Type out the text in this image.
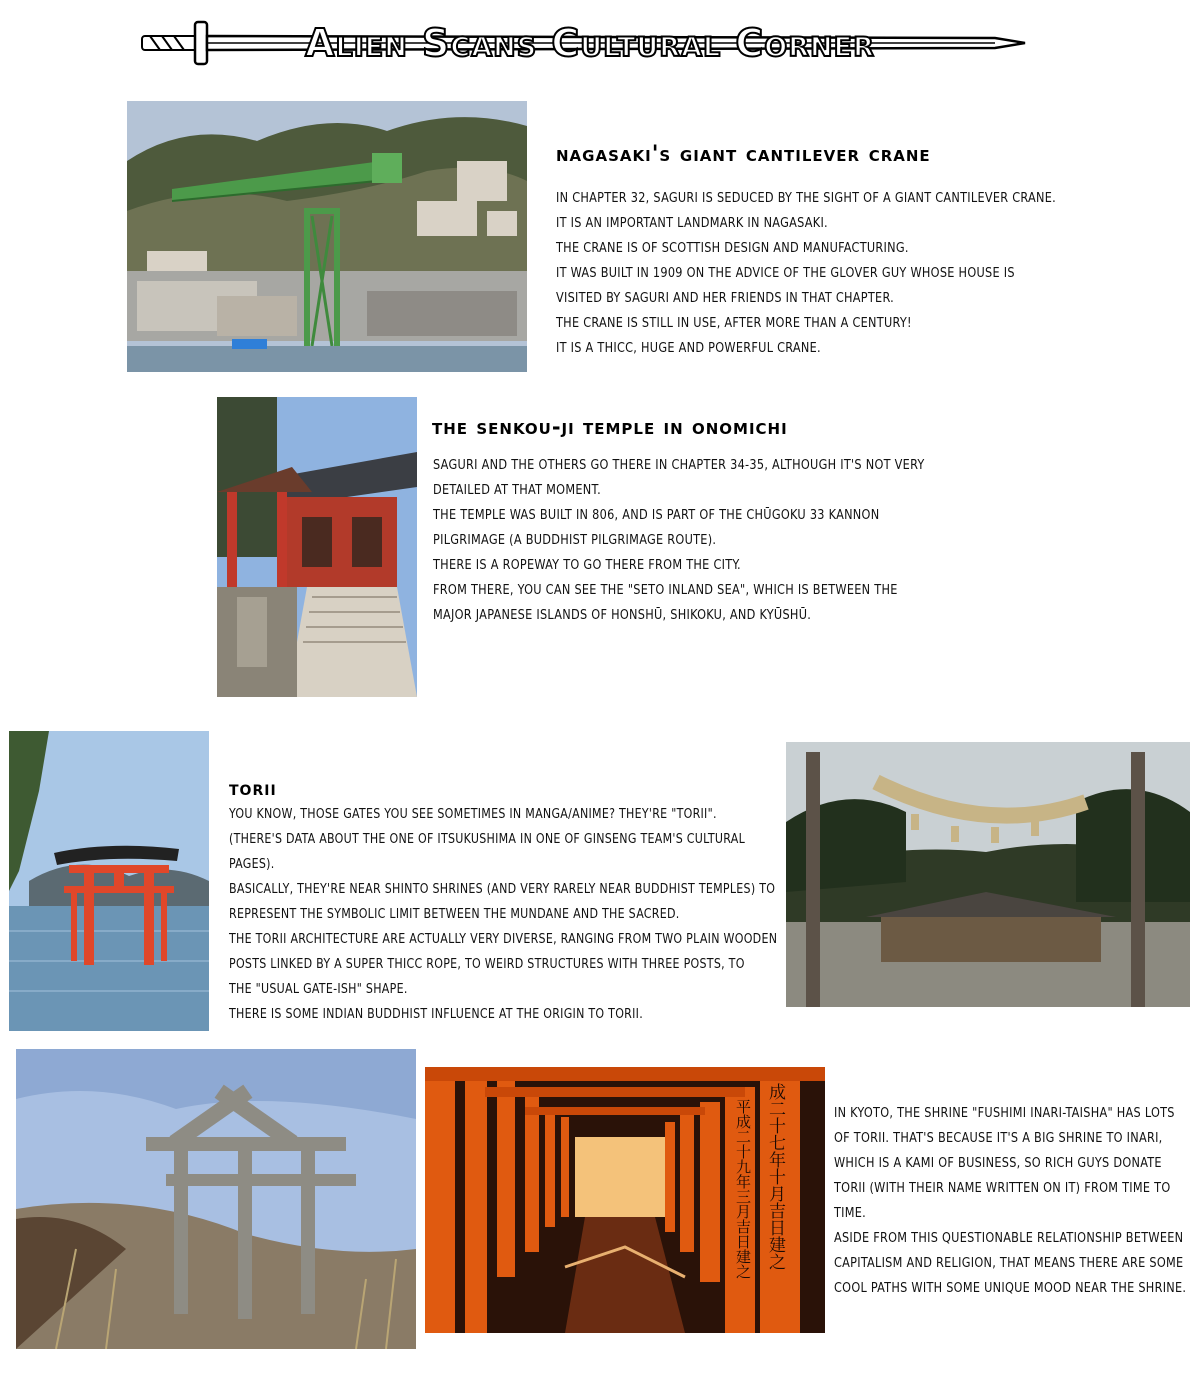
Alien Scans Cultural Corner
nagasaki's giant cantilever crane
IN CHAPTER 32, SAGURI IS SEDUCED BY THE SIGHT OF A GIANT CANTILEVER CRANE.
IT IS AN IMPORTANT LANDMARK IN NAGASAKI.
THE CRANE IS OF SCOTTISH DESIGN AND MANUFACTURING.
IT WAS BUILT IN 1909 ON THE ADVICE OF THE GLOVER GUY WHOSE HOUSE IS
VISITED BY SAGURI AND HER FRIENDS IN THAT CHAPTER.
THE CRANE IS STILL IN USE, AFTER MORE THAN A CENTURY!
IT IS A THICC, HUGE AND POWERFUL CRANE.
the senkou-ji temple in onomichi
SAGURI AND THE OTHERS GO THERE IN CHAPTER 34-35, ALTHOUGH IT'S NOT VERY
DETAILED AT THAT MOMENT.
THE TEMPLE WAS BUILT IN 806, AND IS PART OF THE CHŪGOKU 33 KANNON
PILGRIMAGE (A BUDDHIST PILGRIMAGE ROUTE).
THERE IS A ROPEWAY TO GO THERE FROM THE CITY.
FROM THERE, YOU CAN SEE THE "SETO INLAND SEA", WHICH IS BETWEEN THE
MAJOR JAPANESE ISLANDS OF HONSHŪ, SHIKOKU, AND KYŪSHŪ.
torii
YOU KNOW, THOSE GATES YOU SEE SOMETIMES IN MANGA/ANIME? THEY'RE "TORII".
(THERE'S DATA ABOUT THE ONE OF ITSUKUSHIMA IN ONE OF GINSENG TEAM'S CULTURAL
PAGES).
BASICALLY, THEY'RE NEAR SHINTO SHRINES (AND VERY RARELY NEAR BUDDHIST TEMPLES) TO
REPRESENT THE SYMBOLIC LIMIT BETWEEN THE MUNDANE AND THE SACRED.
THE TORII ARCHITECTURE ARE ACTUALLY VERY DIVERSE, RANGING FROM TWO PLAIN WOODEN
POSTS LINKED BY A SUPER THICC ROPE, TO WEIRD STRUCTURES WITH THREE POSTS, TO
THE "USUAL GATE-ISH" SHAPE.
THERE IS SOME INDIAN BUDDHIST INFLUENCE AT THE ORIGIN TO TORII.
成二十七年十月吉日建之
平成二十九年三月吉日建之	IN KYOTO, THE SHRINE "FUSHIMI INARI-TAISHA" HAS LOTS
OF TORII. THAT'S BECAUSE IT'S A BIG SHRINE TO INARI,
WHICH IS A KAMI OF BUSINESS, SO RICH GUYS DONATE
TORII (WITH THEIR NAME WRITTEN ON IT) FROM TIME TO
TIME.
ASIDE FROM THIS QUESTIONABLE RELATIONSHIP BETWEEN
CAPITALISM AND RELIGION, THAT MEANS THERE ARE SOME
COOL PATHS WITH SOME UNIQUE MOOD NEAR THE SHRINE.
